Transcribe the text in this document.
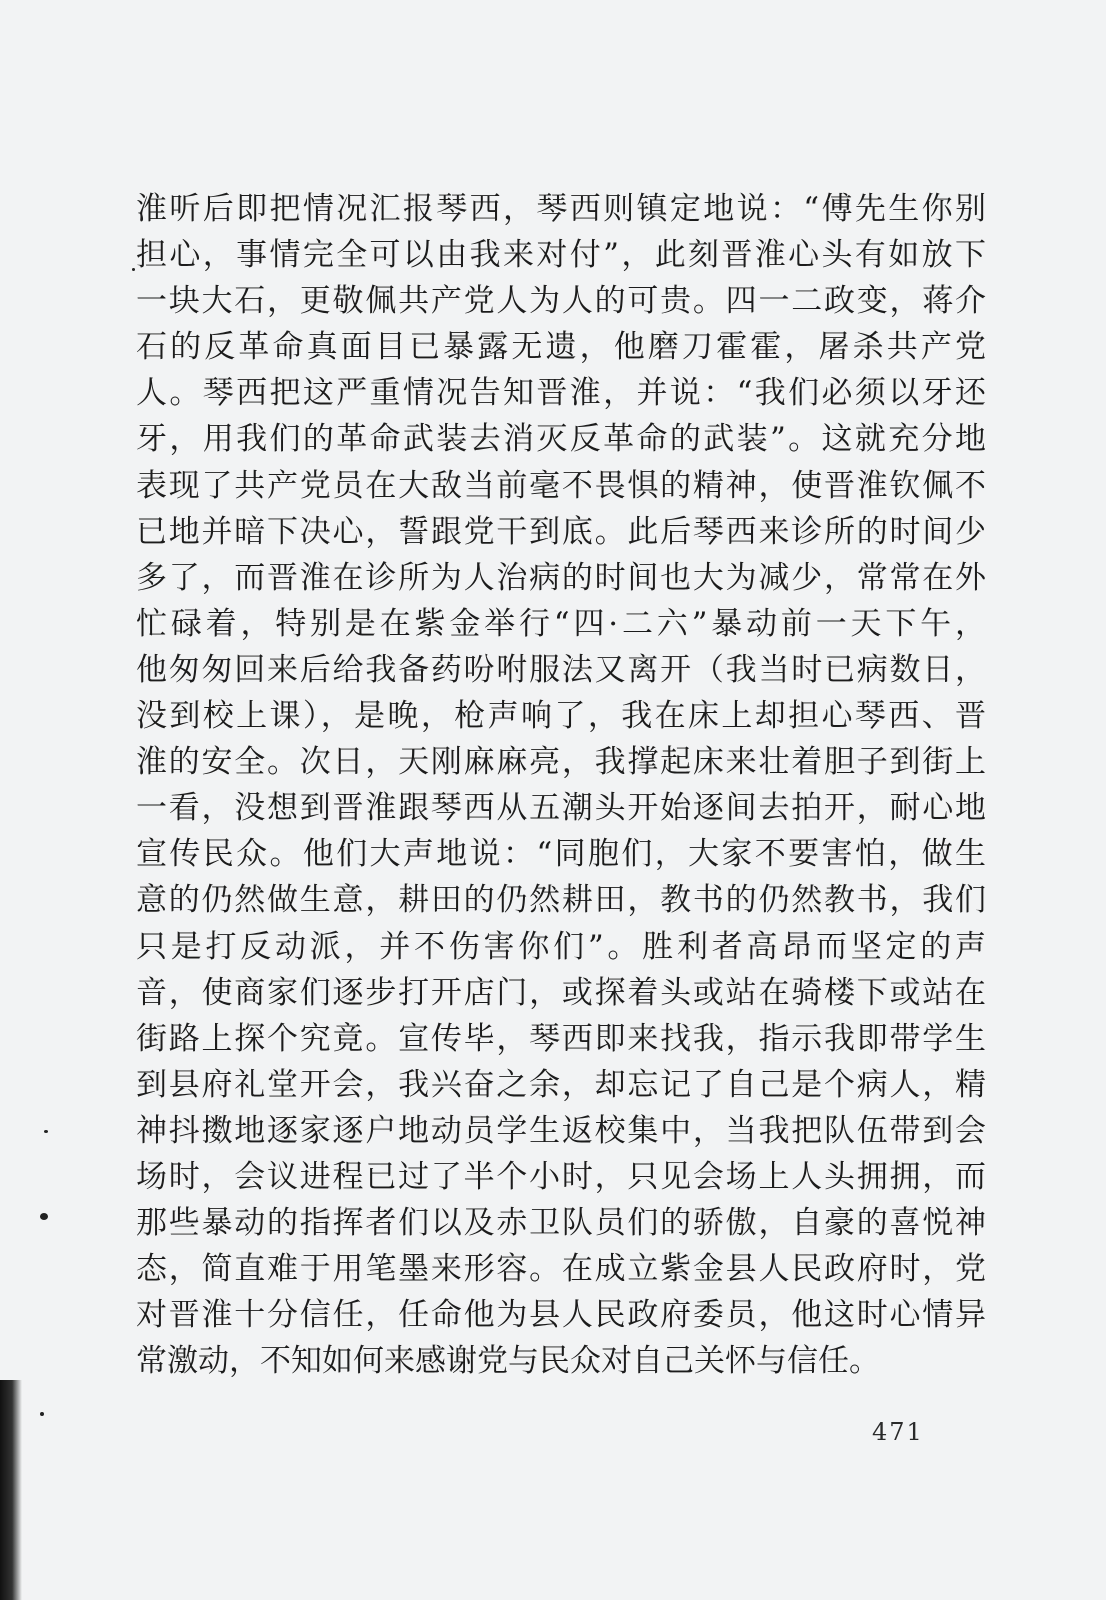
淮听后即把情况汇报琴西，琴西则镇定地说：“傅先生你别
担心，事情完全可以由我来对付”，此刻晋淮心头有如放下
一块大石，更敬佩共产党人为人的可贵。四一二政变，蒋介
石的反革命真面目已暴露无遗，他磨刀霍霍，屠杀共产党
人。琴西把这严重情况告知晋淮，并说：“我们必须以牙还
牙，用我们的革命武装去消灭反革命的武装”。这就充分地
表现了共产党员在大敌当前毫不畏惧的精神，使晋淮钦佩不
已地并暗下决心，誓跟党干到底。此后琴西来诊所的时间少
多了，而晋淮在诊所为人治病的时间也大为减少，常常在外
忙碌着，特别是在紫金举行“四·二六”暴动前一天下午，
他匆匆回来后给我备药吩咐服法又离开（我当时已病数日，
没到校上课），是晚，枪声响了，我在床上却担心琴西、晋
淮的安全。次日，天刚麻麻亮，我撑起床来壮着胆子到街上
一看，没想到晋淮跟琴西从五潮头开始逐间去拍开，耐心地
宣传民众。他们大声地说：“同胞们，大家不要害怕，做生
意的仍然做生意，耕田的仍然耕田，教书的仍然教书，我们
只是打反动派，并不伤害你们”。胜利者高昂而坚定的声
音，使商家们逐步打开店门，或探着头或站在骑楼下或站在
街路上探个究竟。宣传毕，琴西即来找我，指示我即带学生
到县府礼堂开会，我兴奋之余，却忘记了自己是个病人，精
神抖擞地逐家逐户地动员学生返校集中，当我把队伍带到会
场时，会议进程已过了半个小时，只见会场上人头拥拥，而
那些暴动的指挥者们以及赤卫队员们的骄傲，自豪的喜悦神
态，简直难于用笔墨来形容。在成立紫金县人民政府时，党
对晋淮十分信任，任命他为县人民政府委员，他这时心情异
常激动，不知如何来感谢党与民众对自己关怀与信任。
471
